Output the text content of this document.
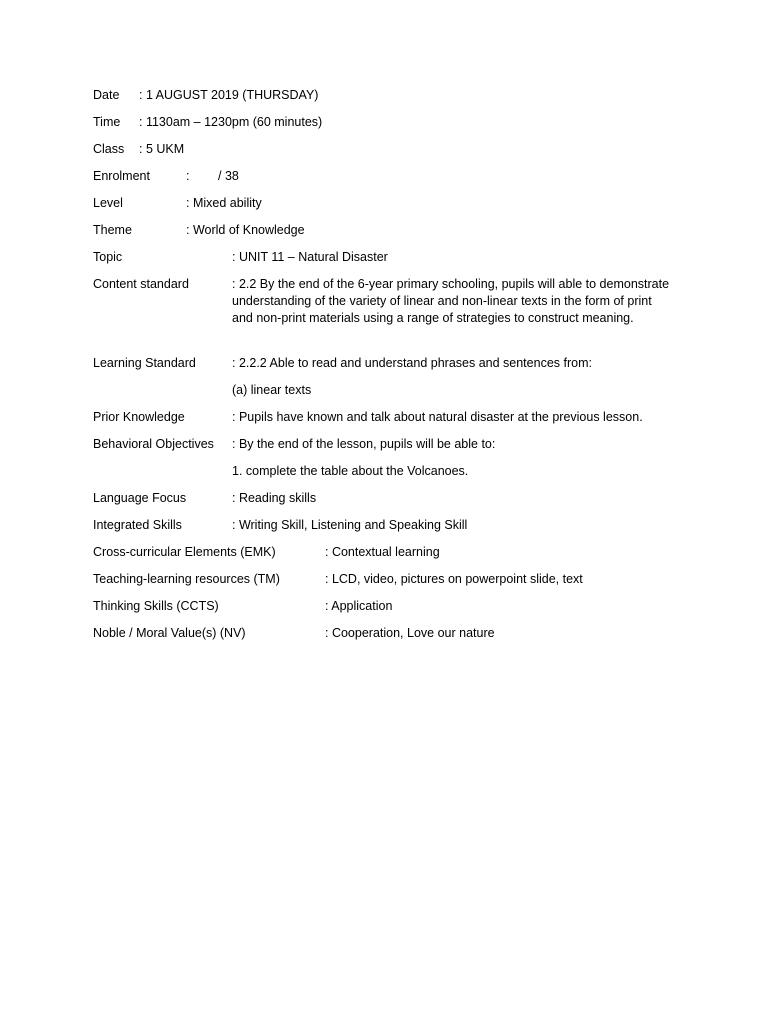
Date : 1 AUGUST 2019 (THURSDAY)
Time : 1130am – 1230pm (60 minutes)
Class : 5 UKM
Enrolment	: / 38
Level	: Mixed ability
Theme	: World of Knowledge
Topic	: UNIT 11 – Natural Disaster
Content standard	: 2.2 By the end of the 6-year primary schooling, pupils will able to demonstrate understanding of the variety of linear and non-linear texts in the form of print and non-print materials using a range of strategies to construct meaning.
Learning Standard	: 2.2.2 Able to read and understand phrases and sentences from:
(a) linear texts
Prior Knowledge	: Pupils have known and talk about natural disaster at the previous lesson.
Behavioral Objectives : By the end of the lesson, pupils will be able to:
1. complete the table about the Volcanoes.
Language Focus	: Reading skills
Integrated Skills	: Writing Skill, Listening and Speaking Skill
Cross-curricular Elements (EMK)	: Contextual learning
Teaching-learning resources (TM)	: LCD, video, pictures on powerpoint slide, text
Thinking Skills (CCTS)	: Application
Noble / Moral Value(s) (NV)	: Cooperation, Love our nature
